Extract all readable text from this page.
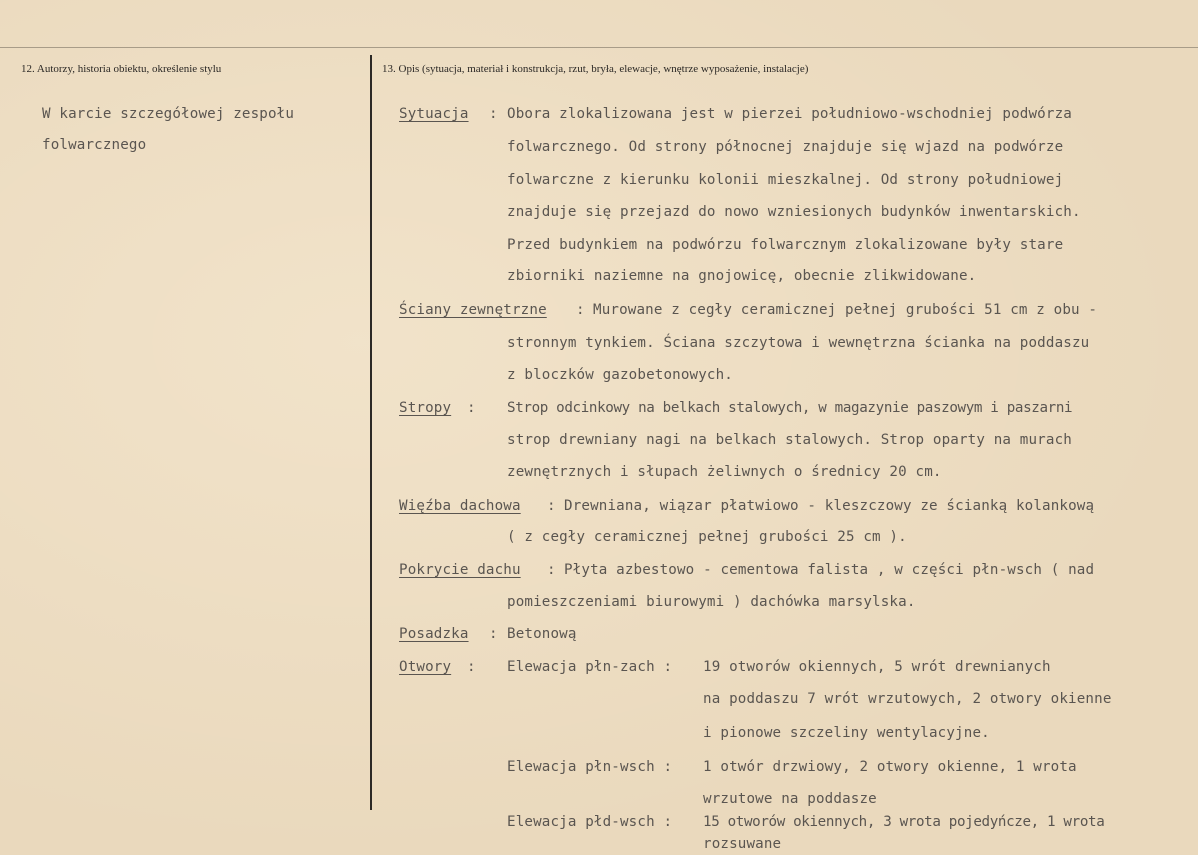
12. Autorzy, historia obiektu, określenie stylu	13. Opis (sytuacja, materiał i konstrukcja, rzut, bryła, elewacje, wnętrze wyposażenie, instalacje)
W karcie szczegółowej zespołu
folwarcznego
Sytuacja : Obora zlokalizowana jest w pierzei południowo-wschodniej podwórza
folwarcznego. Od strony północnej znajduje się wjazd na podwórze
folwarczne z kierunku kolonii mieszkalnej. Od strony południowej
znajduje się przejazd do nowo wzniesionych budynków inwentarskich.
Przed budynkiem na podwórzu folwarcznym zlokalizowane były stare
zbiorniki naziemne na gnojowicę, obecnie zlikwidowane.
Ściany zewnętrzne : Murowane z cegły ceramicznej pełnej grubości 51 cm z obu -
stronnym tynkiem. Ściana szczytowa i wewnętrzna ścianka na poddaszu
z bloczków gazobetonowych.
Stropy : Strop odcinkowy na belkach stalowych, w magazynie paszowym i paszarni
strop drewniany nagi na belkach stalowych. Strop oparty na murach
zewnętrznych i słupach żeliwnych o średnicy 20 cm.
Więźba dachowa : Drewniana, wiązar płatwiowo - kleszczowy ze ścianką kolankową
( z cegły ceramicznej pełnej grubości 25 cm ).
Pokrycie dachu : Płyta azbestowo - cementowa falista , w części płn-wsch ( nad
pomieszczeniami biurowymi ) dachówka marsylska.
Posadzka : Betonową
Otwory : Elewacja płn-zach : 19 otworów okiennych, 5 wrót drewnianych
na poddaszu 7 wrót wrzutowych, 2 otwory okienne
i pionowe szczeliny wentylacyjne.
Elewacja płn-wsch : 1 otwór drzwiowy, 2 otwory okienne, 1 wrota
wrzutowe na poddasze
Elewacja płd-wsch : 15 otworów okiennych, 3 wrota pojedyńcze, 1 wrota
rozsuwane
